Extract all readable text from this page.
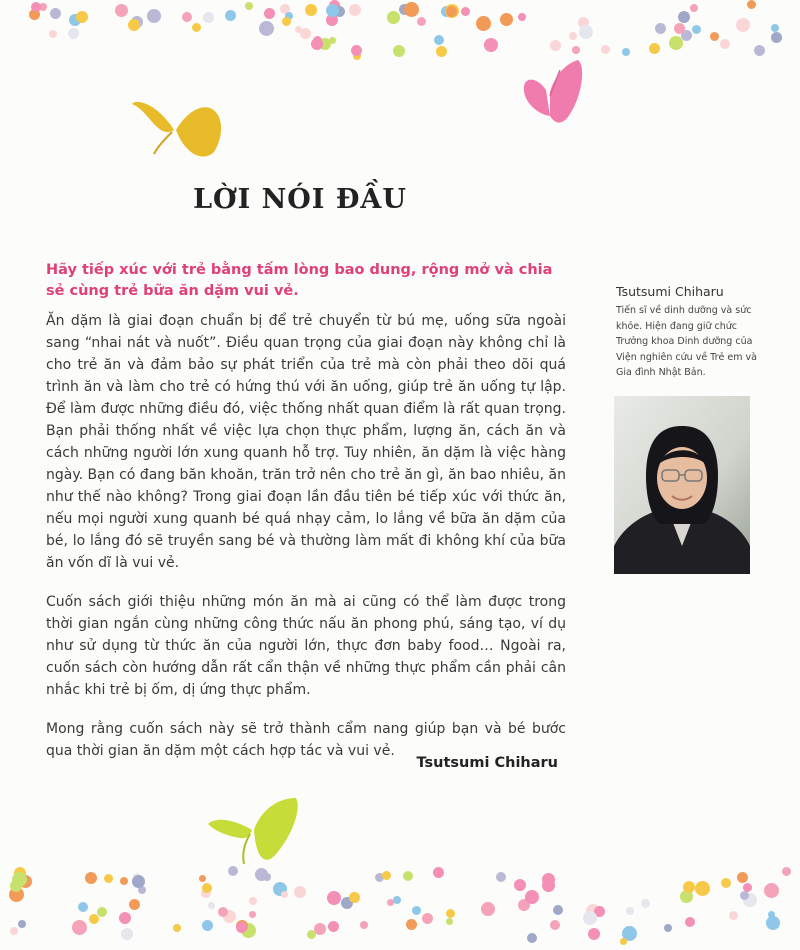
LỜI NÓI ĐẦU

Hãy tiếp xúc với trẻ bằng tấm lòng bao dung, rộng mở và chia sẻ cùng trẻ bữa ăn dặm vui vẻ.

Ăn dặm là giai đoạn chuẩn bị để trẻ chuyển từ bú mẹ, uống sữa ngoài sang “nhai nát và nuốt”. Điều quan trọng của giai đoạn này không chỉ là cho trẻ ăn và đảm bảo sự phát triển của trẻ mà còn phải theo dõi quá trình ăn và làm cho trẻ có hứng thú với ăn uống, giúp trẻ ăn uống tự lập. Để làm được những điều đó, việc thống nhất quan điểm là rất quan trọng. Bạn phải thống nhất về việc lựa chọn thực phẩm, lượng ăn, cách ăn và cách những người lớn xung quanh hỗ trợ. Tuy nhiên, ăn dặm là việc hàng ngày. Bạn có đang băn khoăn, trăn trở nên cho trẻ ăn gì, ăn bao nhiêu, ăn như thế nào không? Trong giai đoạn lần đầu tiên bé tiếp xúc với thức ăn, nếu mọi người xung quanh bé quá nhạy cảm, lo lắng về bữa ăn dặm của bé, lo lắng đó sẽ truyền sang bé và thường làm mất đi không khí của bữa ăn vốn dĩ là vui vẻ.

Cuốn sách giới thiệu những món ăn mà ai cũng có thể làm được trong thời gian ngắn cùng những công thức nấu ăn phong phú, sáng tạo, ví dụ như sử dụng từ thức ăn của người lớn, thực đơn baby food… Ngoài ra, cuốn sách còn hướng dẫn rất cẩn thận về những thực phẩm cần phải cân nhắc khi trẻ bị ốm, dị ứng thực phẩm.

Mong rằng cuốn sách này sẽ trở thành cẩm nang giúp bạn và bé bước qua thời gian ăn dặm một cách hợp tác và vui vẻ.

Tsutsumi Chiharu

Tsutsumi Chiharu

Tiến sĩ về dinh dưỡng và sức khỏe. Hiện đang giữ chức Trưởng khoa Dinh dưỡng của Viện nghiên cứu về Trẻ em và Gia đình Nhật Bản.
